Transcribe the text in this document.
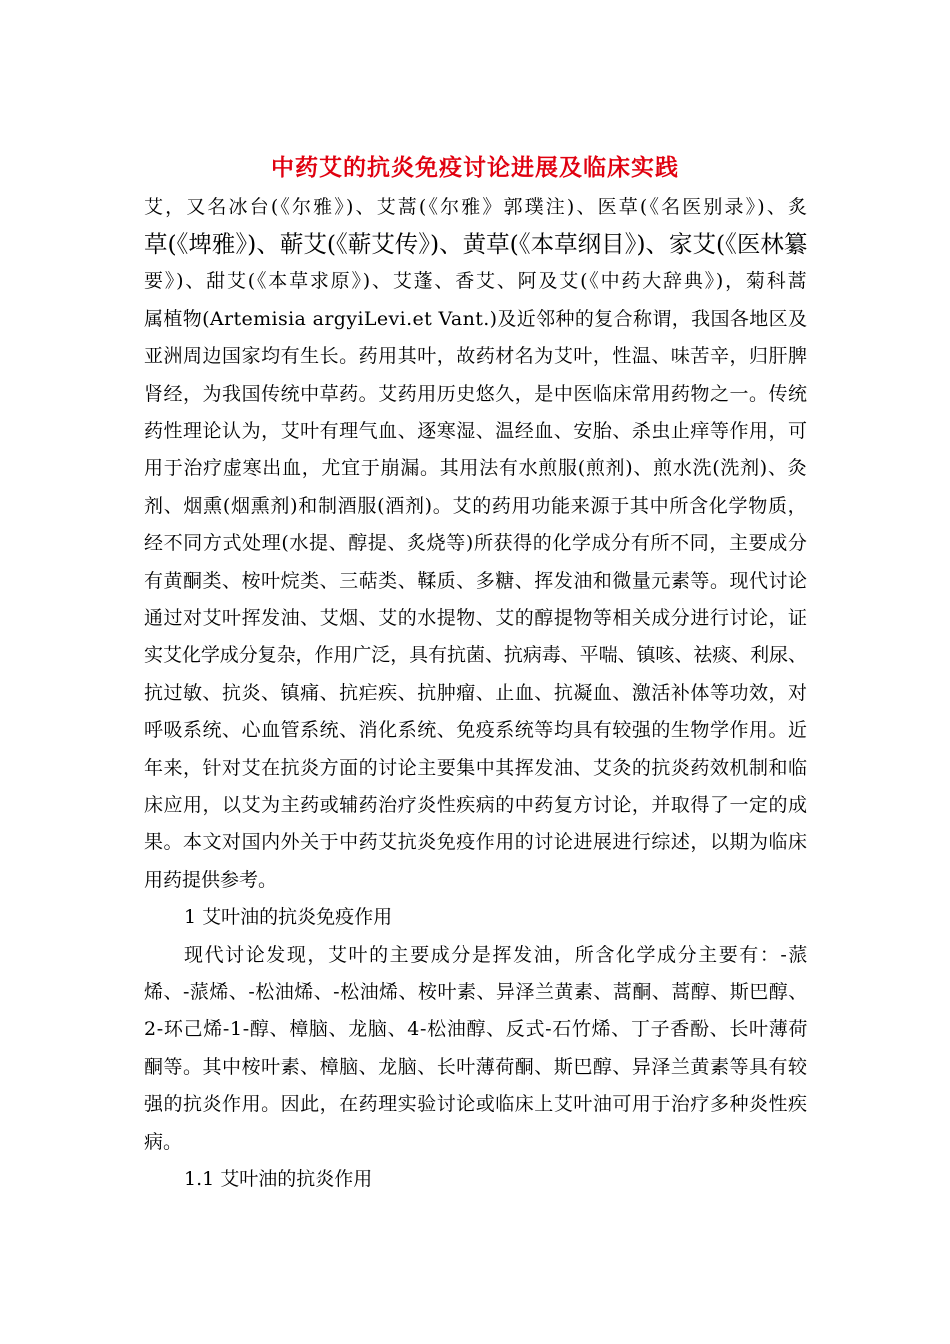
中药艾的抗炎免疫讨论进展及临床实践
艾，又名冰台(《尔雅》)、艾蒿(《尔雅》郭璞注)、医草(《名医别录》)、炙
草(《埤雅》)、蕲艾(《蕲艾传》)、黄草(《本草纲目》)、家艾(《医林纂
要》)、甜艾(《本草求原》)、艾蓬、香艾、阿及艾(《中药大辞典》)，菊科蒿
属植物(Artemisia argyiLevi.et Vant.)及近邻种的复合称谓，我国各地区及
亚洲周边国家均有生长。药用其叶，故药材名为艾叶，性温、味苦辛，归肝脾
肾经，为我国传统中草药。艾药用历史悠久，是中医临床常用药物之一。传统
药性理论认为，艾叶有理气血、逐寒湿、温经血、安胎、杀虫止痒等作用，可
用于治疗虚寒出血，尤宜于崩漏。其用法有水煎服(煎剂)、煎水洗(洗剂)、灸
剂、烟熏(烟熏剂)和制酒服(酒剂)。艾的药用功能来源于其中所含化学物质，
经不同方式处理(水提、醇提、炙烧等)所获得的化学成分有所不同，主要成分
有黄酮类、桉叶烷类、三萜类、鞣质、多糖、挥发油和微量元素等。现代讨论
通过对艾叶挥发油、艾烟、艾的水提物、艾的醇提物等相关成分进行讨论，证
实艾化学成分复杂，作用广泛，具有抗菌、抗病毒、平喘、镇咳、祛痰、利尿、
抗过敏、抗炎、镇痛、抗疟疾、抗肿瘤、止血、抗凝血、激活补体等功效，对
呼吸系统、心血管系统、消化系统、免疫系统等均具有较强的生物学作用。近
年来，针对艾在抗炎方面的讨论主要集中其挥发油、艾灸的抗炎药效机制和临
床应用，以艾为主药或辅药治疗炎性疾病的中药复方讨论，并取得了一定的成
果。本文对国内外关于中药艾抗炎免疫作用的讨论进展进行综述，以期为临床
用药提供参考。
1 艾叶油的抗炎免疫作用
现代讨论发现，艾叶的主要成分是挥发油，所含化学成分主要有：-蒎
烯、-蒎烯、-松油烯、-松油烯、桉叶素、异泽兰黄素、蒿酮、蒿醇、斯巴醇、
2-环己烯-1-醇、樟脑、龙脑、4-松油醇、反式-石竹烯、丁子香酚、长叶薄荷
酮等。其中桉叶素、樟脑、龙脑、长叶薄荷酮、斯巴醇、异泽兰黄素等具有较
强的抗炎作用。因此，在药理实验讨论或临床上艾叶油可用于治疗多种炎性疾
病。
1.1 艾叶油的抗炎作用
